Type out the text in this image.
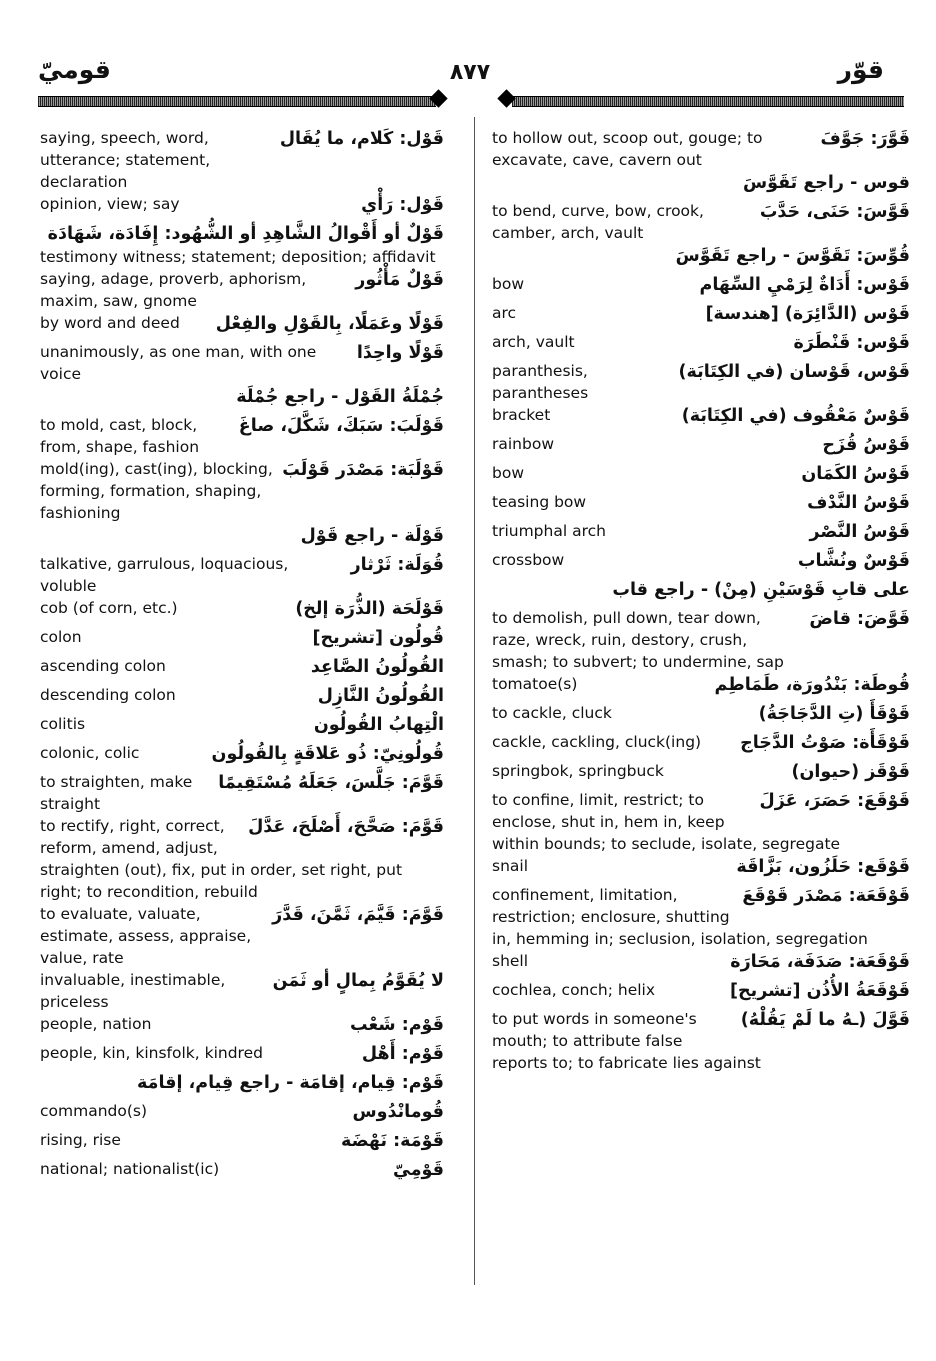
قوّر
٨٧٧
قوميّ
قَوْل: كَلام، ما يُقَال
saying, speech, word, utterance; statement, declaration
قَوْل: رَأْي
opinion, view; say
قَوْلٌ أو أَقْوالُ الشَّاهِدِ أو الشُّهُود: إِفَادَة، شَهَادَة
testimony witness; statement; deposition; affidavit
قَوْلٌ مَأْثُور
saying, adage, proverb, aphorism, maxim, saw, gnome
قَوْلًا وعَمَلًا، بِالقَوْلِ والفِعْل
by word and deed
قَوْلًا واحِدًا
unanimously, as one man, with one voice
جُمْلَةُ القَوْل - راجع جُمْلَة
قَوْلَبَ: سَبَكَ، شَكَّلَ، صاغَ
to mold, cast, block, from, shape, fashion
قَوْلَبَة: مَصْدَر قَوْلَبَ
mold(ing), cast(ing), blocking, forming, formation, shaping, fashioning
قَوْلَة - راجع قَوْل
قُوَلَة: ثَرْثار
talkative, garrulous, loquacious, voluble
قَوْلَحَة (الذُّرَة إلخ)
cob (of corn, etc.)
قُولُون [تشريح]
colon
القُولُونُ الصَّاعِد
ascending colon
القُولُونُ النَّازِل
descending colon
الْتِهابُ القُولُون
colitis
قُولُونِيّ: ذُو عَلاقَةٍ بِالقُولُون
colonic, colic
قَوَّمَ: جَلَّسَ، جَعَلَهُ مُسْتَقِيمًا
to straighten, make straight
قَوَّمَ: صَحَّحَ، أَصْلَحَ، عَدَّلَ
to rectify, right, correct, reform, amend, adjust, straighten (out), fix, put in order, set right, put right; to recondition, rebuild
قَوَّمَ: قَيَّمَ، ثَمَّنَ، قَدَّرَ
to evaluate, valuate, estimate, assess, appraise, value, rate
لا يُقَوَّمُ بِمالٍ أو ثَمَن
invaluable, inestimable, priceless
قَوْم: شَعْب
people, nation
قَوْم: أَهْل
people, kin, kinsfolk, kindred
قَوْم: قِيام، إقامَة - راجع قِيام، إقامَة
قُومانْدُوس
commando(s)
قَوْمَة: نَهْضَة
rising, rise
قَوْمِيّ
national; nationalist(ic)
قَوَّرَ: جَوَّفَ
to hollow out, scoop out, gouge; to excavate, cave, cavern out
قوس - راجع تَقَوَّسَ
قَوَّسَ: حَنَى، حَدَّبَ
to bend, curve, bow, crook, camber, arch, vault
قُوِّسَ: تَقَوَّسَ - راجع تَقَوَّسَ
قَوْس: أَدَاةٌ لِرَمْيِ السِّهَام
bow
قَوْس (الدَّائِرَة) [هندسة]
arc
قَوْس: قَنْطَرَة
arch, vault
قَوْس، قَوْسان (في الكِتَابَة)
paranthesis, parantheses
قَوْسٌ مَعْقُوف (في الكِتَابَة)
bracket
قَوْسُ قُزَح
rainbow
قَوْسُ الكَمَان
bow
قَوْسُ النَّدْف
teasing bow
قَوْسُ النَّصْر
triumphal arch
قَوْسٌ ونُشَّاب
crossbow
على قابِ قَوْسَيْنِ (مِنْ) - راجع قاب
قَوَّضَ: قاضَ
to demolish, pull down, tear down, raze, wreck, ruin, destory, crush, smash; to subvert; to undermine, sap
قُوطَة: بَنْدُورَة، طَمَاطِم
tomatoe(s)
قَوْقَأَ (تِ الدَّجَاجَةُ)
to cackle, cluck
قَوْقَأَة: صَوْتُ الدَّجَاج
cackle, cackling, cluck(ing)
قَوْقَز (حيوان)
springbok, springbuck
قَوْقَعَ: حَصَرَ، عَزَلَ
to confine, limit, restrict; to enclose, shut in, hem in, keep within bounds; to seclude, isolate, segregate
قَوْقَع: حَلَزُون، بَزَّاقَة
snail
قَوْقَعَة: مَصْدَر قَوْقَعَ
confinement, limitation, restriction; enclosure, shutting in, hemming in; seclusion, isolation, segregation
قَوْقَعَة: صَدَفَة، مَحَارَة
shell
قَوْقَعَةُ الأُذُن [تشريح]
cochlea, conch; helix
قَوَّلَ (ـهُ ما لَمْ يَقُلْهُ)
to put words in someone's mouth; to attribute false reports to; to fabricate lies against
